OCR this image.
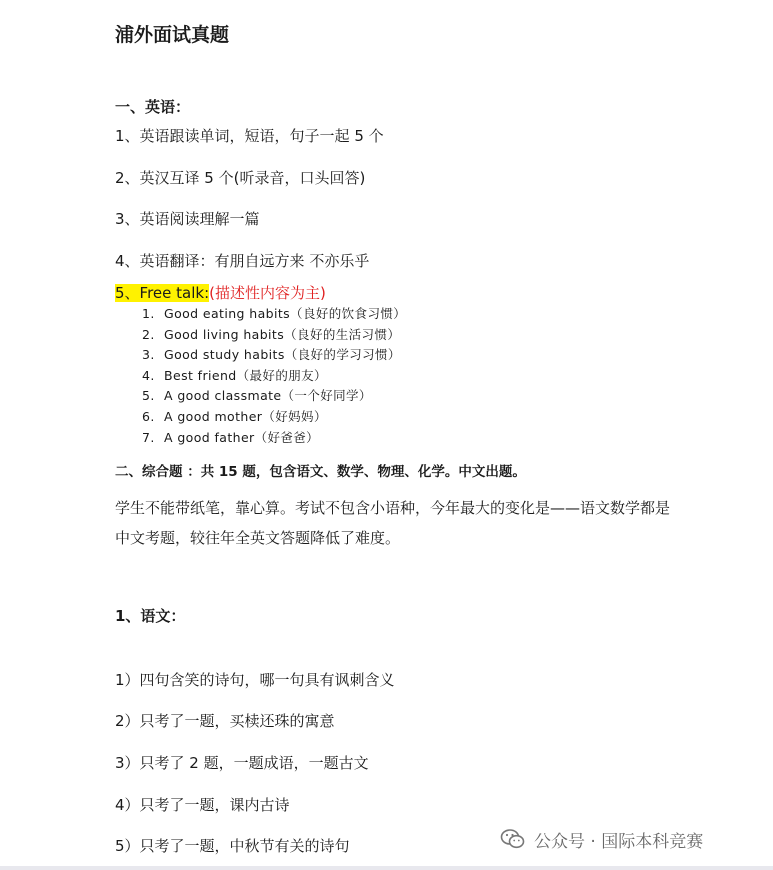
浦外面试真题
一、英语：
1、英语跟读单词，短语，句子一起 5 个
2、英汉互译 5 个(听录音，口头回答)
3、英语阅读理解一篇
4、英语翻译：有朋自远方来 不亦乐乎
5、Free talk:(描述性内容为主)
1. Good eating habits（良好的饮食习惯）
2. Good living habits（良好的生活习惯）
3. Good study habits（良好的学习习惯）
4. Best friend（最好的朋友）
5. A good classmate（一个好同学）
6. A good mother（好妈妈）
7. A good father（好爸爸）
二、综合题 ：共 15 题，包含语文、数学、物理、化学。中文出题。
学生不能带纸笔，靠心算。考试不包含小语种，今年最大的变化是——语文数学都是中文考题，较往年全英文答题降低了难度。
1、语文：
1）四句含笑的诗句，哪一句具有讽刺含义
2）只考了一题，买椟还珠的寓意
3）只考了 2 题，一题成语，一题古文
4）只考了一题，课内古诗
5）只考了一题，中秋节有关的诗句	公众号 · 国际本科竞赛
